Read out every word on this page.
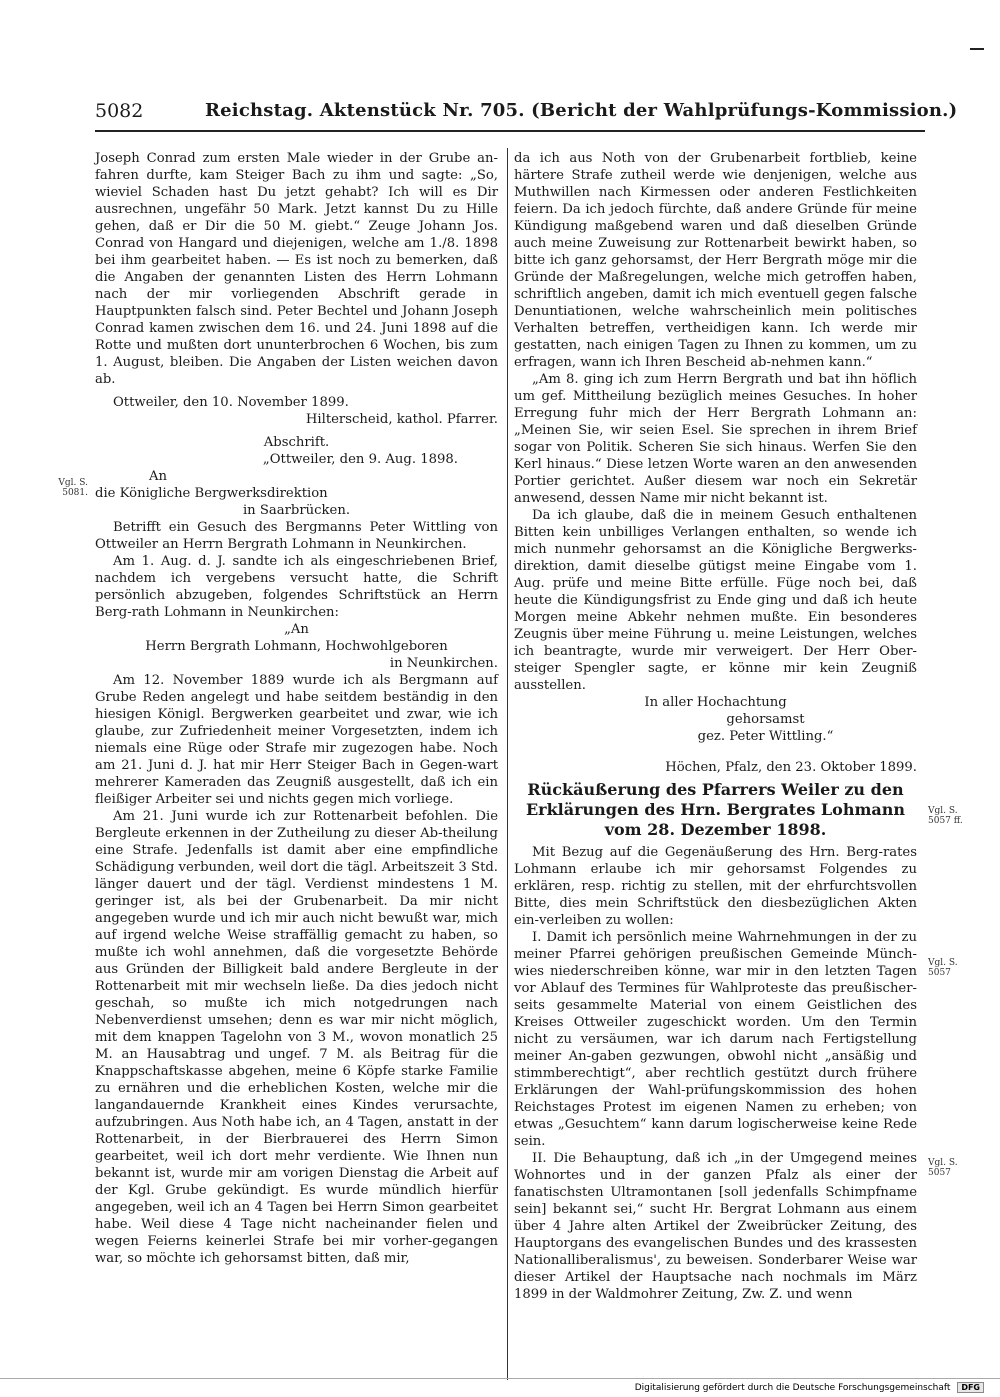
5082	Reichstag. Aktenstück Nr. 705. (Bericht der Wahlprüfungs-Kommission.)

Joseph Conrad zum ersten Male wieder in der Grube an-fahren durfte, kam Steiger Bach zu ihm und sagte: „So, wieviel Schaden hast Du jetzt gehabt? Ich will es Dir ausrechnen, ungefähr 50 Mark. Jetzt kannst Du zu Hille gehen, daß er Dir die 50 M. giebt.“ Zeuge Johann Jos. Conrad von Hangard und diejenigen, welche am 1./8. 1898 bei ihm gearbeitet haben. — Es ist noch zu bemerken, daß die Angaben der genannten Listen des Herrn Lohmann nach der mir vorliegenden Abschrift gerade in Hauptpunkten falsch sind. Peter Bechtel und Johann Joseph Conrad kamen zwischen dem 16. und 24. Juni 1898 auf die Rotte und mußten dort ununterbrochen 6 Wochen, bis zum 1. August, bleiben. Die Angaben der Listen weichen davon ab.

Ottweiler, den 10. November 1899.

Hilterscheid, kathol. Pfarrer.

Abschrift.

„Ottweiler, den 9. Aug. 1898.

An

die Königliche Bergwerksdirektion

in Saarbrücken.

Betrifft ein Gesuch des Bergmanns Peter Wittling von Ottweiler an Herrn Bergrath Lohmann in Neunkirchen.

Am 1. Aug. d. J. sandte ich als eingeschriebenen Brief, nachdem ich vergebens versucht hatte, die Schrift persönlich abzugeben, folgendes Schriftstück an Herrn Berg-rath Lohmann in Neunkirchen:

„An

Herrn Bergrath Lohmann, Hochwohlgeboren

in Neunkirchen.

Am 12. November 1889 wurde ich als Bergmann auf Grube Reden angelegt und habe seitdem beständig in den hiesigen Königl. Bergwerken gearbeitet und zwar, wie ich glaube, zur Zufriedenheit meiner Vorgesetzten, indem ich niemals eine Rüge oder Strafe mir zugezogen habe. Noch am 21. Juni d. J. hat mir Herr Steiger Bach in Gegen-wart mehrerer Kameraden das Zeugniß ausgestellt, daß ich ein fleißiger Arbeiter sei und nichts gegen mich vorliege.

Am 21. Juni wurde ich zur Rottenarbeit befohlen. Die Bergleute erkennen in der Zutheilung zu dieser Ab-theilung eine Strafe. Jedenfalls ist damit aber eine empfindliche Schädigung verbunden, weil dort die tägl. Arbeitszeit 3 Std. länger dauert und der tägl. Verdienst mindestens 1 M. geringer ist, als bei der Grubenarbeit. Da mir nicht angegeben wurde und ich mir auch nicht bewußt war, mich auf irgend welche Weise straffällig gemacht zu haben, so mußte ich wohl annehmen, daß die vorgesetzte Behörde aus Gründen der Billigkeit bald andere Bergleute in der Rottenarbeit mit mir wechseln ließe. Da dies jedoch nicht geschah, so mußte ich mich notgedrungen nach Nebenverdienst umsehen; denn es war mir nicht möglich, mit dem knappen Tagelohn von 3 M., wovon monatlich 25 M. an Hausabtrag und ungef. 7 M. als Beitrag für die Knappschaftskasse abgehen, meine 6 Köpfe starke Familie zu ernähren und die erheblichen Kosten, welche mir die langandauernde Krankheit eines Kindes verursachte, aufzubringen. Aus Noth habe ich, an 4 Tagen, anstatt in der Rottenarbeit, in der Bierbrauerei des Herrn Simon gearbeitet, weil ich dort mehr verdiente. Wie Ihnen nun bekannt ist, wurde mir am vorigen Dienstag die Arbeit auf der Kgl. Grube gekündigt. Es wurde mündlich hierfür angegeben, weil ich an 4 Tagen bei Herrn Simon gearbeitet habe. Weil diese 4 Tage nicht nacheinander fielen und wegen Feierns keinerlei Strafe bei mir vorher-gegangen war, so möchte ich gehorsamst bitten, daß mir,

da ich aus Noth von der Grubenarbeit fortblieb, keine härtere Strafe zutheil werde wie denjenigen, welche aus Muthwillen nach Kirmessen oder anderen Festlichkeiten feiern. Da ich jedoch fürchte, daß andere Gründe für meine Kündigung maßgebend waren und daß dieselben Gründe auch meine Zuweisung zur Rottenarbeit bewirkt haben, so bitte ich ganz gehorsamst, der Herr Bergrath möge mir die Gründe der Maßregelungen, welche mich getroffen haben, schriftlich angeben, damit ich mich eventuell gegen falsche Denuntiationen, welche wahrscheinlich mein politisches Verhalten betreffen, vertheidigen kann. Ich werde mir gestatten, nach einigen Tagen zu Ihnen zu kommen, um zu erfragen, wann ich Ihren Bescheid ab-nehmen kann.“

„Am 8. ging ich zum Herrn Bergrath und bat ihn höflich um gef. Mittheilung bezüglich meines Gesuches. In hoher Erregung fuhr mich der Herr Bergrath Lohmann an: „Meinen Sie, wir seien Esel. Sie sprechen in ihrem Brief sogar von Politik. Scheren Sie sich hinaus. Werfen Sie den Kerl hinaus.“ Diese letzen Worte waren an den anwesenden Portier gerichtet. Außer diesem war noch ein Sekretär anwesend, dessen Name mir nicht bekannt ist.

Da ich glaube, daß die in meinem Gesuch enthaltenen Bitten kein unbilliges Verlangen enthalten, so wende ich mich nunmehr gehorsamst an die Königliche Bergwerks-direktion, damit dieselbe gütigst meine Eingabe vom 1. Aug. prüfe und meine Bitte erfülle. Füge noch bei, daß heute die Kündigungsfrist zu Ende ging und daß ich heute Morgen meine Abkehr nehmen mußte. Ein besonderes Zeugnis über meine Führung u. meine Leistungen, welches ich beantragte, wurde mir verweigert. Der Herr Ober-steiger Spengler sagte, er könne mir kein Zeugniß ausstellen.

In aller Hochachtung

gehorsamst

gez. Peter Wittling.“

Höchen, Pfalz, den 23. Oktober 1899.

Rückäußerung des Pfarrers Weiler zu den Erklärungen des Hrn. Bergrates Lohmann vom 28. Dezember 1898.

Mit Bezug auf die Gegenäußerung des Hrn. Berg-rates Lohmann erlaube ich mir gehorsamst Folgendes zu erklären, resp. richtig zu stellen, mit der ehrfurchtsvollen Bitte, dies mein Schriftstück den diesbezüglichen Akten ein-verleiben zu wollen:

I. Damit ich persönlich meine Wahrnehmungen in der zu meiner Pfarrei gehörigen preußischen Gemeinde Münch-wies niederschreiben könne, war mir in den letzten Tagen vor Ablauf des Termines für Wahlproteste das preußischer-seits gesammelte Material von einem Geistlichen des Kreises Ottweiler zugeschickt worden. Um den Termin nicht zu versäumen, war ich darum nach Fertigstellung meiner An-gaben gezwungen, obwohl nicht „ansäßig und stimmberechtigt“, aber rechtlich gestützt durch frühere Erklärungen der Wahl-prüfungskommission des hohen Reichstages Protest im eigenen Namen zu erheben; von etwas „Gesuchtem“ kann darum logischerweise keine Rede sein.

II. Die Behauptung, daß ich „in der Umgegend meines Wohnortes und in der ganzen Pfalz als einer der fanatischsten Ultramontanen [soll jedenfalls Schimpfname sein] bekannt sei,“ sucht Hr. Bergrat Lohmann aus einem über 4 Jahre alten Artikel der Zweibrücker Zeitung, des Hauptorgans des evangelischen Bundes und des krassesten Nationalliberalismus', zu beweisen. Sonderbarer Weise war dieser Artikel der Hauptsache nach nochmals im März 1899 in der Waldmohrer Zeitung, Zw. Z. und wenn

Vgl. S. 5081.
Vgl. S. 5057 ff.
Vgl. S. 5057
Vgl. S. 5057
Digitalisierung gefördert durch die Deutsche Forschungsgemeinschaft DFG
